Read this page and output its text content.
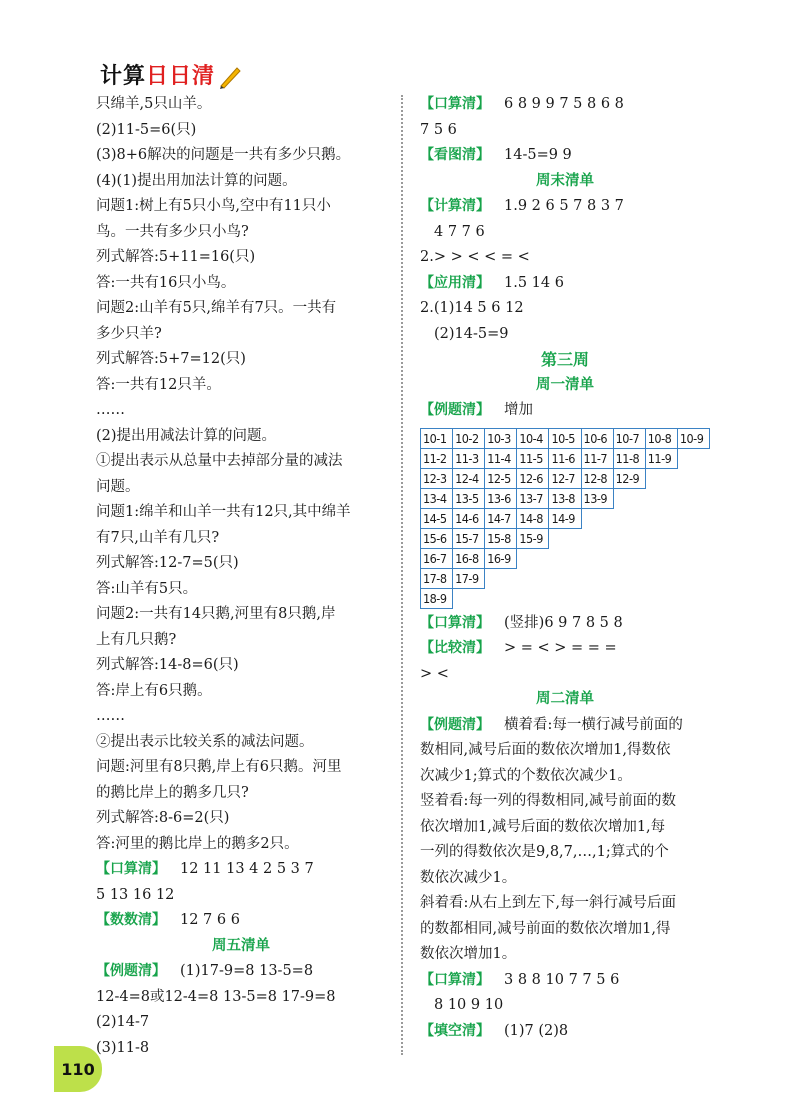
计算日日清
只绵羊,5只山羊。
(2)11-5=6(只)
(3)8+6解决的问题是一共有多少只鹅。
(4)(1)提出用加法计算的问题。
问题1:树上有5只小鸟,空中有11只小
鸟。一共有多少只小鸟?
列式解答:5+11=16(只)
答:一共有16只小鸟。
问题2:山羊有5只,绵羊有7只。一共有
多少只羊?
列式解答:5+7=12(只)
答:一共有12只羊。
……
(2)提出用减法计算的问题。
①提出表示从总量中去掉部分量的减法
问题。
问题1:绵羊和山羊一共有12只,其中绵羊
有7只,山羊有几只?
列式解答:12-7=5(只)
答:山羊有5只。
问题2:一共有14只鹅,河里有8只鹅,岸
上有几只鹅?
列式解答:14-8=6(只)
答:岸上有6只鹅。
……
②提出表示比较关系的减法问题。
问题:河里有8只鹅,岸上有6只鹅。河里
的鹅比岸上的鹅多几只?
列式解答:8-6=2(只)
答:河里的鹅比岸上的鹅多2只。
【口算清】 12 11 13 4 2 5 3 7
5 13 16 12
【数数清】 12 7 6 6
周五清单
【例题清】 (1)17-9=8 13-5=8
12-4=8或12-4=8 13-5=8 17-9=8
(2)14-7
(3)11-8
【口算清】 6 8 9 9 7 5 8 6 8
7 5 6
【看图清】 14-5=9 9
周末清单
【计算清】 1.9 2 6 5 7 8 3 7
4 7 7 6
2.> > < < = <
【应用清】 1.5 14 6
2.(1)14 5 6 12
(2)14-5=9
第三周
周一清单
【例题清】 增加
10-1	10-2	10-3	10-4	10-5	10-6	10-7	10-8	10-9
11-2	11-3	11-4	11-5	11-6	11-7	11-8	11-9	
12-3	12-4	12-5	12-6	12-7	12-8	12-9		
13-4	13-5	13-6	13-7	13-8	13-9			
14-5	14-6	14-7	14-8	14-9				
15-6	15-7	15-8	15-9					
16-7	16-8	16-9						
17-8	17-9							
18-9								
【口算清】 (竖排)6 9 7 8 5 8
【比较清】 > = < > = = =
> <
周二清单
【例题清】 横着看:每一横行减号前面的
数相同,减号后面的数依次增加1,得数依
次减少1;算式的个数依次减少1。
竖着看:每一列的得数相同,减号前面的数
依次增加1,减号后面的数依次增加1,每
一列的得数依次是9,8,7,…,1;算式的个
数依次减少1。
斜着看:从右上到左下,每一斜行减号后面
的数都相同,减号前面的数依次增加1,得
数依次增加1。
【口算清】 3 8 8 10 7 7 5 6
8 10 9 10
【填空清】 (1)7 (2)8
110
